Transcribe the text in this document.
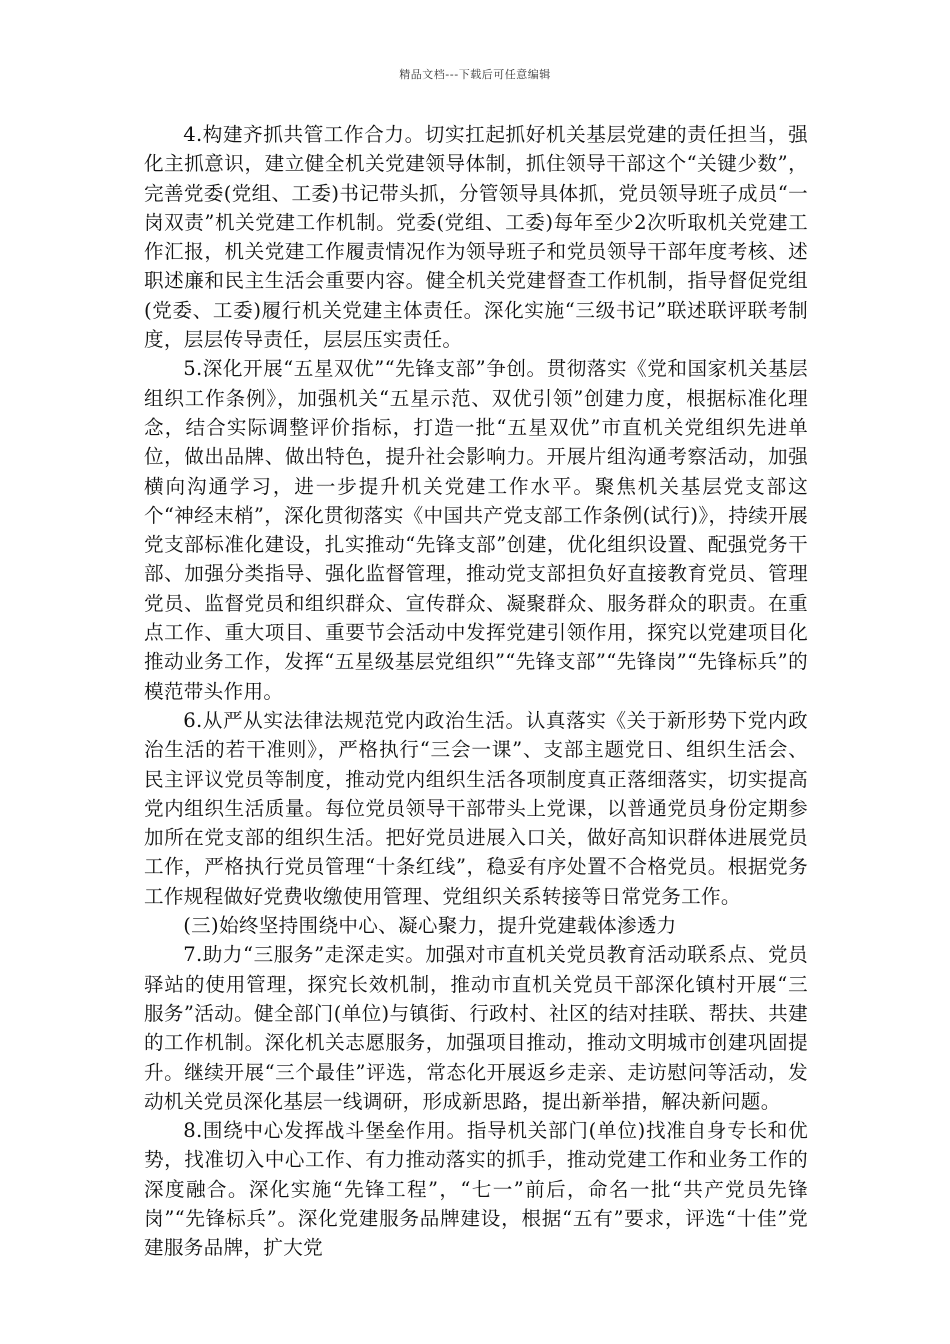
精品文档---下载后可任意编辑

4.构建齐抓共管工作合力。切实扛起抓好机关基层党建的责任担当，强化主抓意识，建立健全机关党建领导体制，抓住领导干部这个“关键少数”，完善党委(党组、工委)书记带头抓，分管领导具体抓，党员领导班子成员“一岗双责”机关党建工作机制。党委(党组、工委)每年至少2次听取机关党建工作汇报，机关党建工作履责情况作为领导班子和党员领导干部年度考核、述职述廉和民主生活会重要内容。健全机关党建督查工作机制，指导督促党组(党委、工委)履行机关党建主体责任。深化实施“三级书记”联述联评联考制度，层层传导责任，层层压实责任。

5.深化开展“五星双优”“先锋支部”争创。贯彻落实《党和国家机关基层组织工作条例》，加强机关“五星示范、双优引领”创建力度，根据标准化理念，结合实际调整评价指标，打造一批“五星双优”市直机关党组织先进单位，做出品牌、做出特色，提升社会影响力。开展片组沟通考察活动，加强横向沟通学习，进一步提升机关党建工作水平。聚焦机关基层党支部这个“神经末梢”，深化贯彻落实《中国共产党支部工作条例(试行)》，持续开展党支部标准化建设，扎实推动“先锋支部”创建，优化组织设置、配强党务干部、加强分类指导、强化监督管理，推动党支部担负好直接教育党员、管理党员、监督党员和组织群众、宣传群众、凝聚群众、服务群众的职责。在重点工作、重大项目、重要节会活动中发挥党建引领作用，探究以党建项目化推动业务工作，发挥“五星级基层党组织”“先锋支部”“先锋岗”“先锋标兵”的模范带头作用。

6.从严从实法律法规范党内政治生活。认真落实《关于新形势下党内政治生活的若干准则》，严格执行“三会一课”、支部主题党日、组织生活会、民主评议党员等制度，推动党内组织生活各项制度真正落细落实，切实提高党内组织生活质量。每位党员领导干部带头上党课，以普通党员身份定期参加所在党支部的组织生活。把好党员进展入口关，做好高知识群体进展党员工作，严格执行党员管理“十条红线”，稳妥有序处置不合格党员。根据党务工作规程做好党费收缴使用管理、党组织关系转接等日常党务工作。

(三)始终坚持围绕中心、凝心聚力，提升党建载体渗透力

7.助力“三服务”走深走实。加强对市直机关党员教育活动联系点、党员驿站的使用管理，探究长效机制，推动市直机关党员干部深化镇村开展“三服务”活动。健全部门(单位)与镇街、行政村、社区的结对挂联、帮扶、共建的工作机制。深化机关志愿服务，加强项目推动，推动文明城市创建巩固提升。继续开展“三个最佳”评选，常态化开展返乡走亲、走访慰问等活动，发动机关党员深化基层一线调研，形成新思路，提出新举措，解决新问题。

8.围绕中心发挥战斗堡垒作用。指导机关部门(单位)找准自身专长和优势，找准切入中心工作、有力推动落实的抓手，推动党建工作和业务工作的深度融合。深化实施“先锋工程”，“七一”前后，命名一批“共产党员先锋岗”“先锋标兵”。深化党建服务品牌建设，根据“五有”要求，评选“十佳”党建服务品牌，扩大党
